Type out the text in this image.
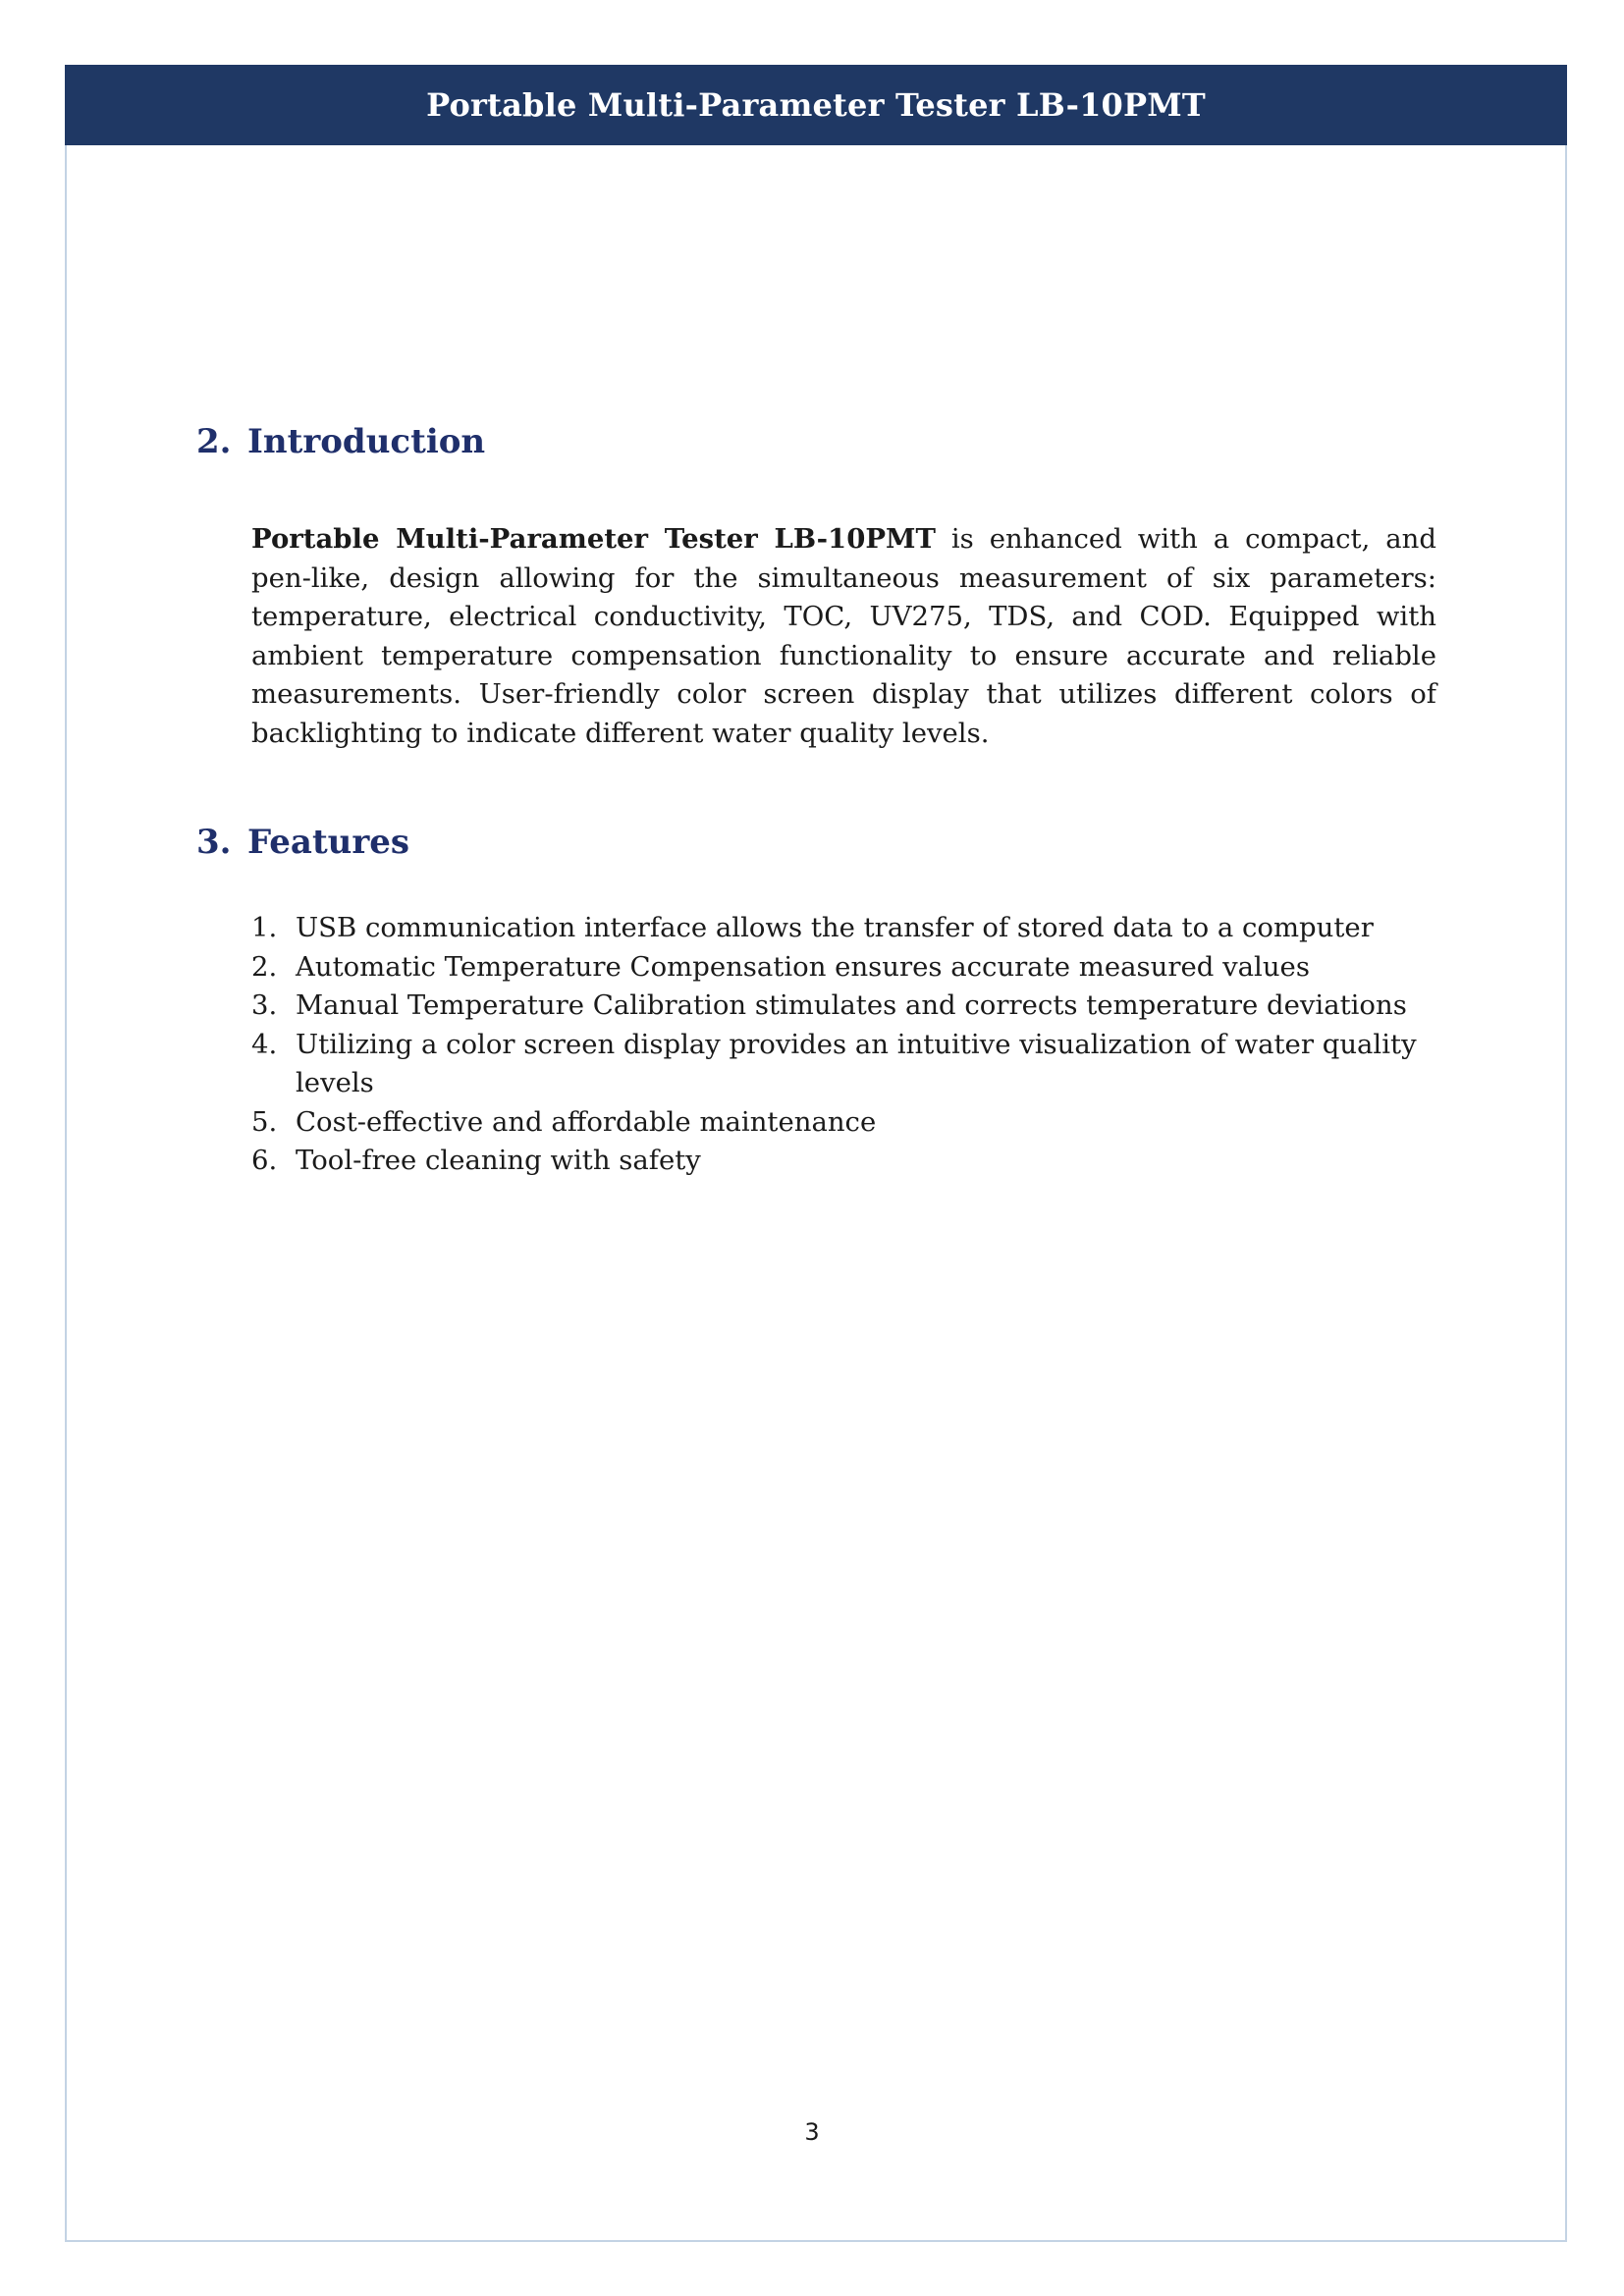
Portable Multi-Parameter Tester LB-10PMT
2. Introduction

Portable Multi-Parameter Tester LB-10PMT is enhanced with a compact, and pen-like, design allowing for the simultaneous measurement of six parameters: temperature, electrical conductivity, TOC, UV275, TDS, and COD. Equipped with ambient temperature compensation functionality to ensure accurate and reliable measurements. User-friendly color screen display that utilizes different colors of backlighting to indicate different water quality levels.

3. Features
1. USB communication interface allows the transfer of stored data to a computer
2. Automatic Temperature Compensation ensures accurate measured values
3. Manual Temperature Calibration stimulates and corrects temperature deviations
4. Utilizing a color screen display provides an intuitive visualization of water quality levels
5. Cost-effective and affordable maintenance
6. Tool-free cleaning with safety
3
